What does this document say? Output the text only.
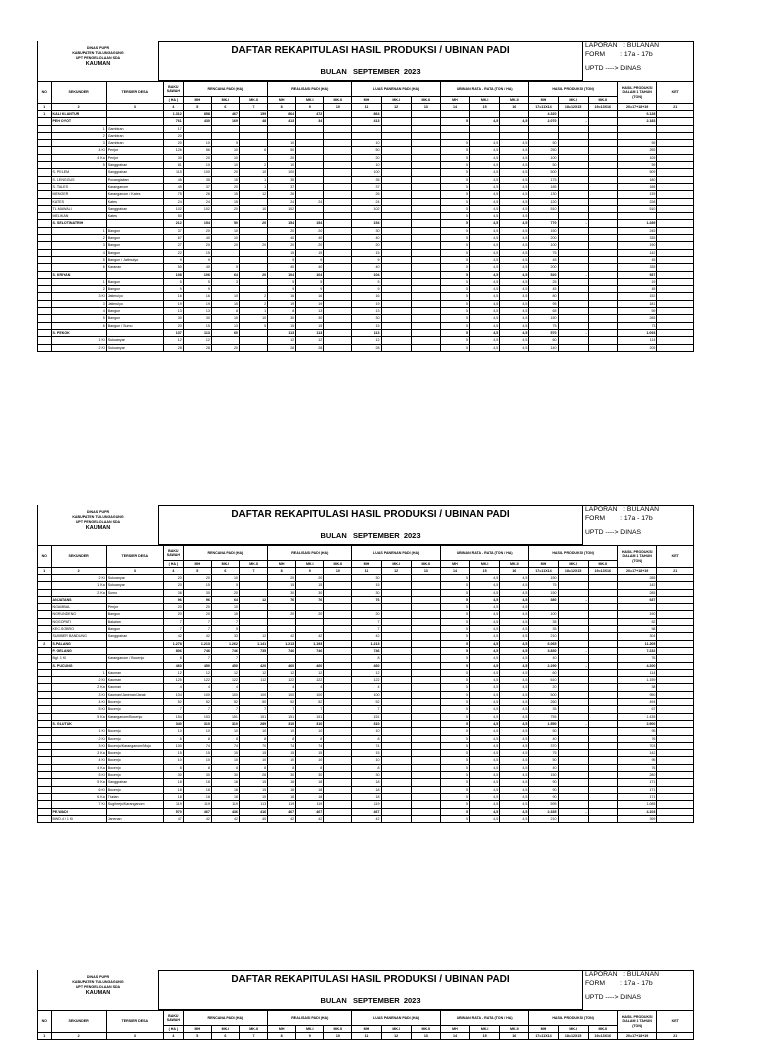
DINAS PUPR
KABUPATEN TULUNGAGUNG
UPT PENGELOLAAN SDA
KAUMAN
DAFTAR REKAPITULASI HASIL PRODUKSI / UBINAN PADI
BULAN   SEPTEMBER  2023
LAPORAN   : BULANAN
FORM        : 17a - 17b
UPTD ----> DINAS
NO	SEKUNDER	TERSIER DESA	BAKU SAWAH	RENCANA PADI (HA)			REALISASI PADI (HA)			LUAS PANENAN PADI (HA)			UBINAN RATA - RATA (TON / HA)			HASIL PRODUKSI (TON)			HASIL PRODUKSI DALAM 1 TAHUN (TON)	KET
			( HA )	MH	MK.I	MK.II	MH	MK.I	MK.II	MH	MK.I	MK.II	MH	MK.I	MK.II	MH	MK.I	MK.II		
1	2	3	4	5	6	7	8	9	10	11	12	13	14	15	16	17=11X14	18=12X15	19=13X16	20=17+18+19	21
1	KALI KLANTUR		1.312	858	467	159	864	472		864						4.320			6.128	
	PEH OYOT		761	430	169	48	413	34		413			5	4,5	4,5	2.070	-		2.183	
	1	Gambiran	17																	
	2	Gambiran	20																	
	3	Gambiran	20	10	5		10			10			5	4,5	4,5	50			59	
	4 Ki	Penjor	126	56	10	6	50			50			5	4,5	4,5	250			255	
	4 Ka	Penjor	30	20	10		20			20			5	4,5	4,5	100			109	
	5	Sanggrahan	81	10	10	2	10			10			5	4,5	4,5	50			59	
	S. PELEM	Sanggrahan	115	100	20	10	100			100			5	4,5	4,5	500			509	
	S. LENGGUS	Pucanglaban	45	35	15	1	35			35			5	4,5	4,5	175			180	
	S. TALES	Karanganom	49	37	20	1	37			37			5	4,5	4,5	185			186	
	MENGER	Karanganom / Kates	75	26	15	12	26			26			5	4,5	4,5	130			139	
	KATES	Kates	24	24	15		24	24		24			5	4,5	4,5	120			228	
	TL.MAWALI	Sanggrahan	102	102	20	10	102			102			5	4,5	4,5	510			510	
	MELIKAN	Kates	50										5	4,5	4,5					
	S. SELOTINATRIH		212	154	50	20	154	154		154			5	4,5	4,5	770	-		1.289	
	1	Bangun	37	20	10		20	20		30			5	4,5	4,5	150			245	
	2	Bangun	67	40	10		40	40		40			5	4,5	4,5	200			335	
	3	Bangun	27	20	20	20	20	20		20			5	4,5	4,5	100			190	
	4	Bangun	22	15			15	15		15			5	4,5	4,5	75			142	
	5	Bangun / Jatimulyo	9	9			9	9		9			5	4,5	4,5	45			45	
	6	Karanan	50	40	5		40	40		40			5	4,5	4,5	200			335	
	S. KRIYAN		108	106	64	20	104	104		104			5	4,5	4,5	520	-		937	
	1	Bangun	5	5	3		5	5		5			5	4,5	4,5	25			19	
	2	Bangun	9	9			9	9		9			5	4,5	4,5	45			45	
	3 Ki	Jatimulyo	16	16	10	2	16	16		16			5	4,5	4,5	80			152	
	3	Jatimulyo	19	19	15	2	19	19		19			5	4,5	4,5	95			181	
	4	Bangun	13	13	8	1	8	13		13			5	4,5	4,5	65			59	
	5	Bangun	30	30	15	10	30	30		30			5	4,5	4,5	150			285	
	6	Bangun / Sumo	20	15	13	5	15	15		15			5	4,5	4,5	75			73	
	S. PEKOK		137	113	60		113	113		113			5	4,5	4,5	570	-		1.093	
	1 Ki	Sukoanyar	12	12			12	12		12			5	4,5	4,5	60			114	
	2 Ki	Sukoanyar	28	28	20		28	28		28			5	4,5	4,5	140			205	
DINAS PUPR
KABUPATEN TULUNGAGUNG
UPT PENGELOLAAN SDA
KAUMAN
DAFTAR REKAPITULASI HASIL PRODUKSI / UBINAN PADI
BULAN   SEPTEMBER  2023
LAPORAN   : BULANAN
FORM        : 17a - 17b
UPTD ----> DINAS
NO	SEKUNDER	TERSIER DESA	BAKU SAWAH	RENCANA PADI (HA)			REALISASI PADI (HA)			LUAS PANENAN PADI (HA)			UBINAN RATA - RATA (TON / HA)			HASIL PRODUKSI (TON)			HASIL PRODUKSI DALAM 1 TAHUN (TON)	KET
			( HA )	MH	MK.I	MK.II	MH	MK.I	MK.II	MH	MK.I	MK.II	MH	MK.I	MK.II	MH	MK.I	MK.II		
1	2	3	4	5	6	7	8	9	10	11	12	13	14	15	16	17=11X14	18=12X15	19=13X16	20=17+18+19	21
	2 Ki	Sukoanyar	20	20	10		20	20		30			5	4,5	4,5	150			285	
	1 Ka	Sukoanyar	20	15	5		15	15		15			5	4,5	4,5	75			142	
	2 Ka	Sumo	38	30	20		30	30		30			5	4,5	4,5	150			285	
	ANJATANS		96	96	64	12	76	76		76			5	4,5	4,5	380	-		637	
	NGAMBAL	Penjor	20	20	10								5	4,5	4,5					
	NGRUNDENG	Bangun	20	20	15		20	20		20			5	4,5	4,5	100			190	
	NGGOPATI	Bakalan	7	7	7					7			5	4,5	4,5	35			52	
	KEC.SOBRO	Bangun	7	7	5					7			5	4,5	4,5	35			58	
	SUMBER BANDUNG	Sanggrahan	42	42	33	12	42	42		42			5	4,5	4,5	210			304	
2	S.PALANG		1.278	1.213	1.262	1.141	1.213	1.193		1.213			5	4,5	4,5	6.065			11.205	
	P. GELANG		806	746	746	735	746	746		746			5	4,5	4,5	3.830	-		7.232	
	BgI. 1 Ki	Karanganom / Bocenjo	8	7	7					8			5	4,5	4,5	40			76	
	S. PUCUNG		460	450	450	420	460	460		460			5	4,5	4,5	2.290	-		4.200	
	1	Kauman	12	12	12	12	12	12		12			5	4,5	4,5	60			114	
	2 Ki	Kauman	125	122	122	112	122	122		122			5	4,5	4,5	610			1.159	
	2 Ka	Kauman	4	4	4		4	4		4			5	4,5	4,5	20			38	
	3 Ki	Kauman/Janenan/Jarak	104	100	100	100	100	100		100			5	4,5	4,5	500			950	
	4 Ki	Bocenjo	52	52	52	50	52	52		52			5	4,5	4,5	260			494	
	5 Ki	Bocenjo	7	7	7	7	7	7		7			5	4,5	4,5	35			67	
	5 Ka	Karanganom/Bocenjo	154	153	151	151	151	151		151			5	4,5	4,5	755			1.435	
	S. GLUTUK		340	310	310	289	310	310		310			5	4,5	4,5	1.550	-		2.900	
	1 Ki	Bocenjo	10	10	10	10	10	10		10			5	4,5	4,5	50			95	
	2 Ki	Bocenjo	8	8	8	8	8	8		8			5	4,5	4,5	40			76	
	3 Ki	Bocenjo/Karanganom/Mojo	100	74	74	70	74	74		74			5	4,5	4,5	370			703	
	3 Ka	Bocenjo	15	15	15	15	15	15		15			5	4,5	4,5	75			142	
	4 Ki	Bocenjo	10	10	10	10	10	10		10			5	4,5	4,5	50			95	
	4 Ka	Bocenjo	8	8	8	8	8	8		8			5	4,5	4,5	40			76	
	5 Ki	Bocenjo	30	30	30	28	30	30		30			5	4,5	4,5	150			280	
	5 Ka	Sanggrahan	18	18	18	15	18	18		18			5	4,5	4,5	90			171	
	6 Ki	Bocenjo	18	18	18	15	18	18		18			5	4,5	4,5	90			171	
	6 Ka	Tiudan	18	18	18	15	18	18		18			5	4,5	4,5	90			171	
	7 Ki	Sugihrejo/Karanganom	119	119	119	113	119	119		119			5	4,5	4,5	595			1.085	
	PE.WADI		570	467	436	416	467	467		467			5	4,5	4,5	2.335	-		4.103	
	BWD.4 / 1 Ki	Janenan	47	42	42	40	42	42		42			5	4,5	4,5	210			399	
DINAS PUPR
KABUPATEN TULUNGAGUNG
UPT PENGELOLAAN SDA
KAUMAN
DAFTAR REKAPITULASI HASIL PRODUKSI / UBINAN PADI
BULAN   SEPTEMBER  2023
LAPORAN   : BULANAN
FORM        : 17a - 17b
UPTD ----> DINAS
NO	SEKUNDER	TERSIER DESA	BAKU SAWAH	RENCANA PADI (HA)			REALISASI PADI (HA)			LUAS PANENAN PADI (HA)			UBINAN RATA - RATA (TON / HA)			HASIL PRODUKSI (TON)			HASIL PRODUKSI DALAM 1 TAHUN (TON)	KET
			( HA )	MH	MK.I	MK.II	MH	MK.I	MK.II	MH	MK.I	MK.II	MH	MK.I	MK.II	MH	MK.I	MK.II		
1	2	3	4	5	6	7	8	9	10	11	12	13	14	15	16	17=11X14	18=12X15	19=13X16	20=17+18+19	21
